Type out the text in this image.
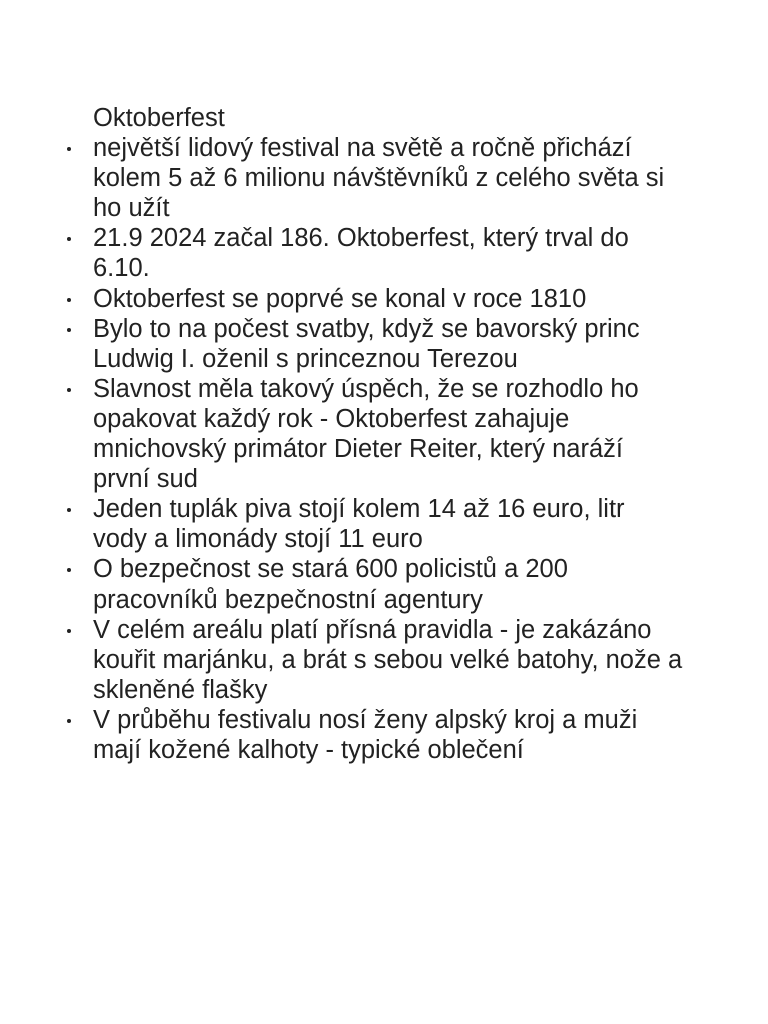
Oktoberfest
největší lidový festival na světě a ročně přichází kolem 5 až 6 milionu návštěvníků z celého světa si ho užít
21.9 2024 začal 186. Oktoberfest, který trval do 6.10.
Oktoberfest se poprvé se konal v roce 1810
Bylo to na počest svatby, když se bavorský princ Ludwig I. oženil s princeznou Terezou
Slavnost měla takový úspěch, že se rozhodlo ho opakovat každý rok - Oktoberfest zahajuje mnichovský primátor Dieter Reiter, který naráží první sud
Jeden tuplák piva stojí kolem 14 až 16 euro, litr vody a limonády stojí 11 euro
O bezpečnost se stará 600 policistů a 200 pracovníků bezpečnostní agentury
V celém areálu platí přísná pravidla - je zakázáno kouřit marjánku, a brát s sebou velké batohy, nože a skleněné flašky
V průběhu festivalu nosí ženy alpský kroj a muži mají kožené kalhoty - typické oblečení
